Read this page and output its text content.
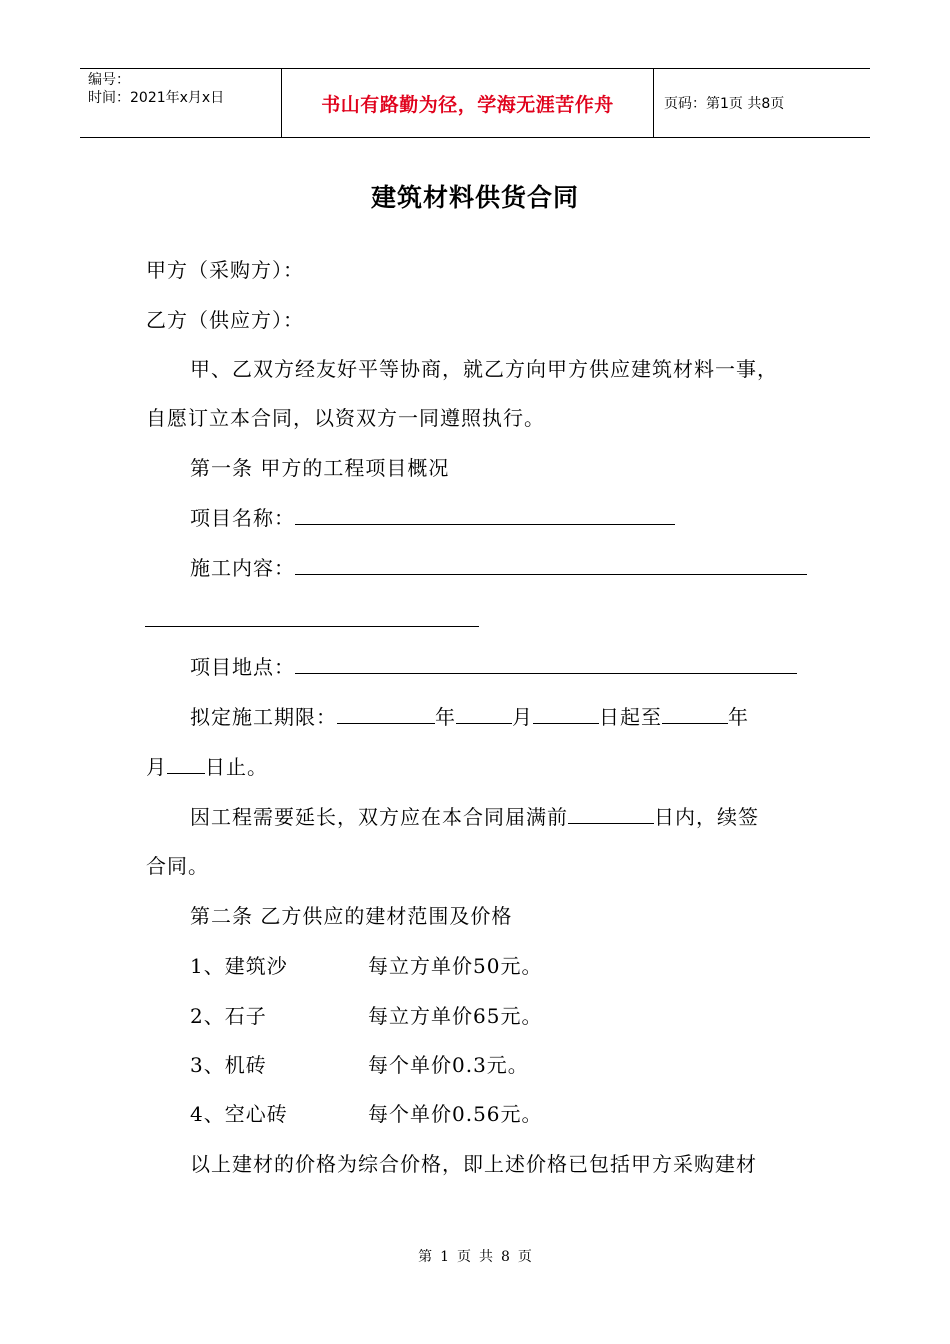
编号：
时间：2021年x月x日	书山有路勤为径，学海无涯苦作舟	页码：第1页 共8页
建筑材料供货合同
甲方（采购方）：
乙方（供应方）：
甲、乙双方经友好平等协商，就乙方向甲方供应建筑材料一事，
自愿订立本合同，以资双方一同遵照执行。
第一条 甲方的工程项目概况
项目名称：
施工内容：
项目地点：
拟定施工期限：	年	月	日起至	年
月 日止。
因工程需要延长，双方应在本合同届满前	日内，续签
合同。
第二条 乙方供应的建材范围及价格
1、建筑沙	每立方单价50元。
2、石子	每立方单价65元。
3、机砖	每个单价0.3元。
4、空心砖	每个单价0.56元。
以上建材的价格为综合价格，即上述价格已包括甲方采购建材
第 1 页 共 8 页
